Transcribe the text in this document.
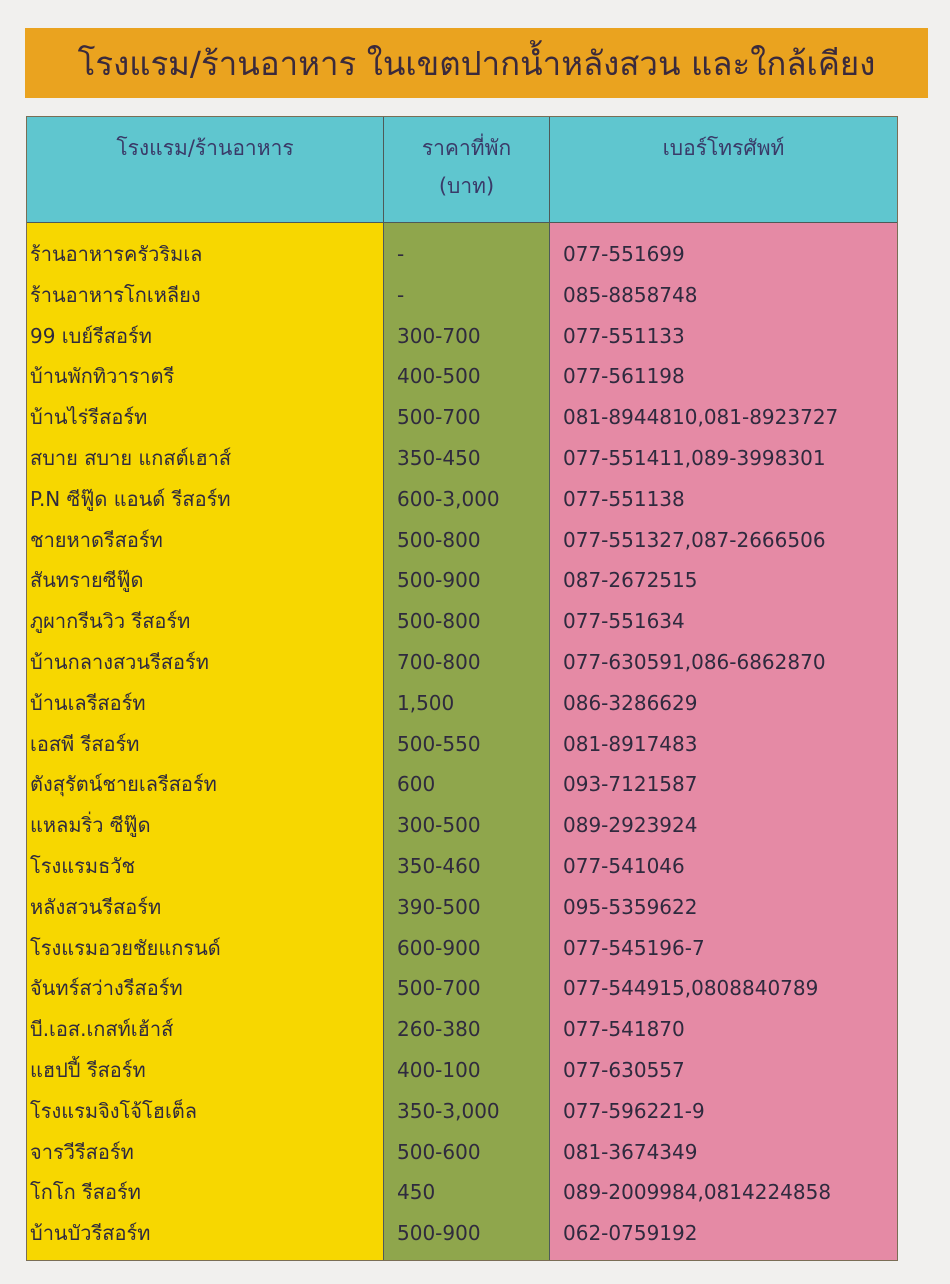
โรงแรม/ร้านอาหาร ในเขตปากน้ำหลังสวน และใกล้เคียง
โรงแรม/ร้านอาหาร	ราคาที่พัก
(บาท)
เบอร์โทรศัพท์
ร้านอาหารครัวริมเล
ร้านอาหารโกเหลียง
99 เบย์รีสอร์ท
บ้านพักทิวาราตรี
บ้านไร่รีสอร์ท
สบาย สบาย แกสต์เฮาส์
P.N ซีฟู๊ด แอนด์ รีสอร์ท
ชายหาดรีสอร์ท
สันทรายซีฟู๊ด
ภูผากรีนวิว รีสอร์ท
บ้านกลางสวนรีสอร์ท
บ้านเลรีสอร์ท
เอสพี รีสอร์ท
ตังสุรัตน์ชายเลรีสอร์ท
แหลมริ่ว ซีฟู๊ด
โรงแรมธวัช
หลังสวนรีสอร์ท
โรงแรมอวยชัยแกรนด์
จันทร์สว่างรีสอร์ท
บี.เอส.เกสท์เฮ้าส์
แฮปปี้ รีสอร์ท
โรงแรมจิงโจ้โฮเต็ล
จารวีรีสอร์ท
โกโก รีสอร์ท
บ้านบัวรีสอร์ท
-
-
300-700
400-500
500-700
350-450
600-3,000
500-800
500-900
500-800
700-800
1,500
500-550
600
300-500
350-460
390-500
600-900
500-700
260-380
400-100
350-3,000
500-600
450
500-900
077-551699
085-8858748
077-551133
077-561198
081-8944810,081-8923727
077-551411,089-3998301
077-551138
077-551327,087-2666506
087-2672515
077-551634
077-630591,086-6862870
086-3286629
081-8917483
093-7121587
089-2923924
077-541046
095-5359622
077-545196-7
077-544915,0808840789
077-541870
077-630557
077-596221-9
081-3674349
089-2009984,0814224858
062-0759192
